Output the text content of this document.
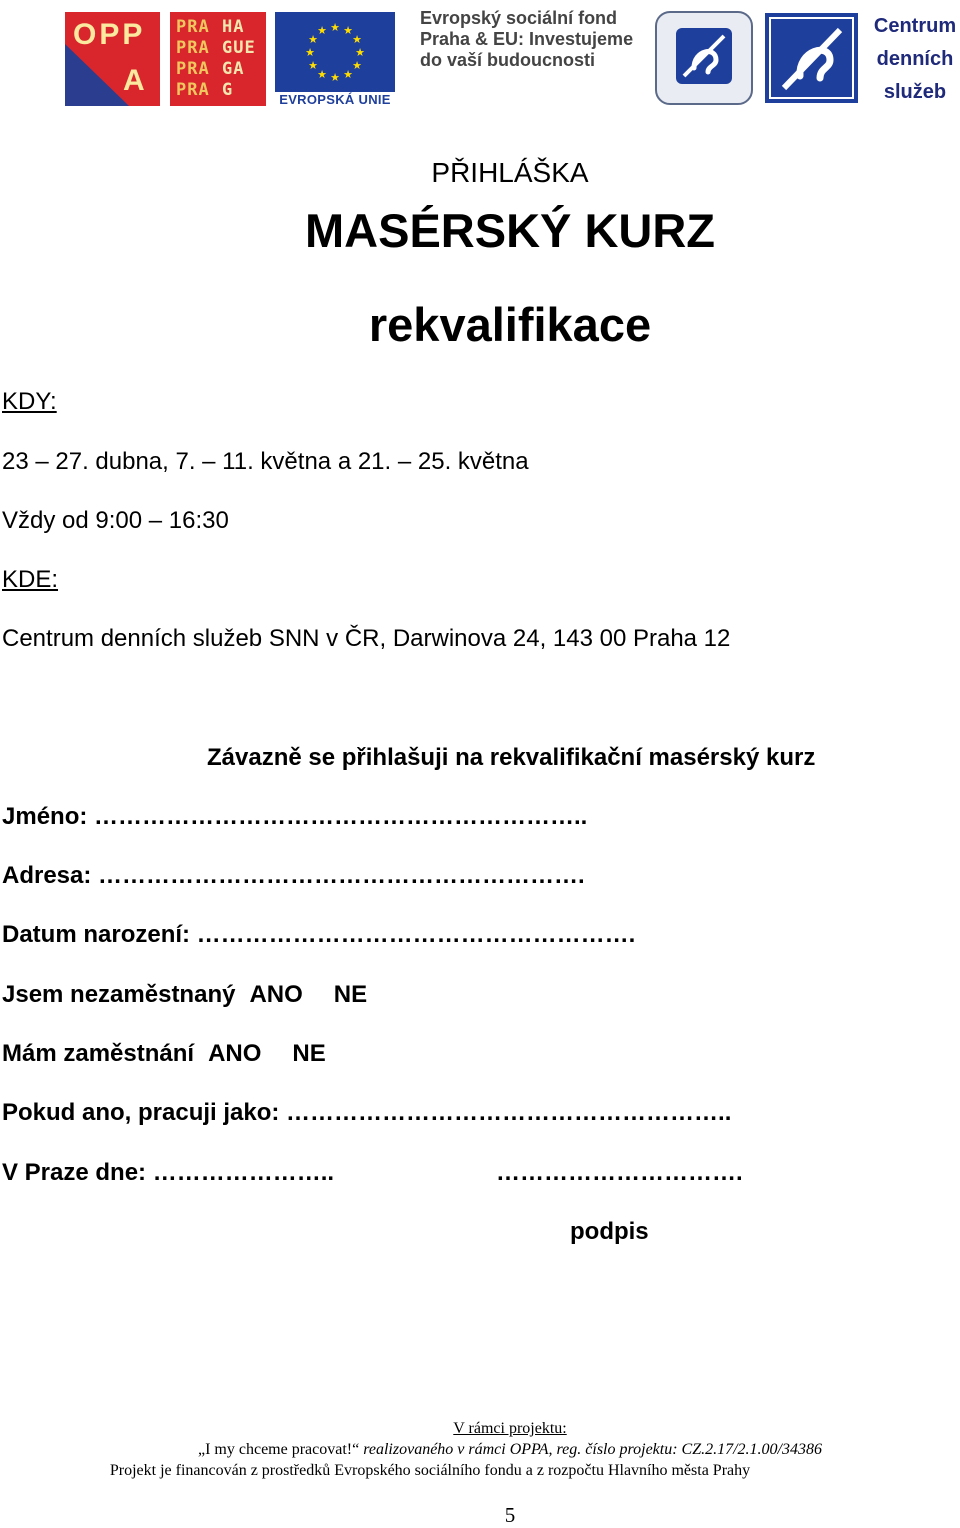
OPP
A
PRA HA
PRA GUE
PRA GA
PRA G
★ ★
★
★
★
★
★
★
★
★
★
★
EVROPSKÁ UNIE
Evropský sociální fond
Praha & EU: Investujeme
do vaší budoucnosti
Centrum
denních
služeb
PŘIHLÁŠKA
MASÉRSKÝ KURZ
rekvalifikace
KDY:
23 – 27. dubna, 7. – 11. května a 21. – 25. května
Vždy od 9:00 – 16:30
KDE:
Centrum denních služeb SNN v ČR, Darwinova 24, 143 00 Praha 12
Závazně se přihlašuji na rekvalifikační masérský kurz
Jméno: ……………………………………………………..
Adresa: …………………………………………………….
Datum narození: ……………………………………………….
Jsem nezaměstnaný ANO NE
Mám zaměstnání ANO NE
Pokud ano, pracuji jako: ………………………………………………..
V Praze dne: …………………..	………………………….
podpis
V rámci projektu:
„I my chceme pracovat!“ realizovaného v rámci OPPA, reg. číslo projektu: CZ.2.17/2.1.00/34386
Projekt je financován z prostředků Evropského sociálního fondu a z rozpočtu Hlavního města Prahy
5
